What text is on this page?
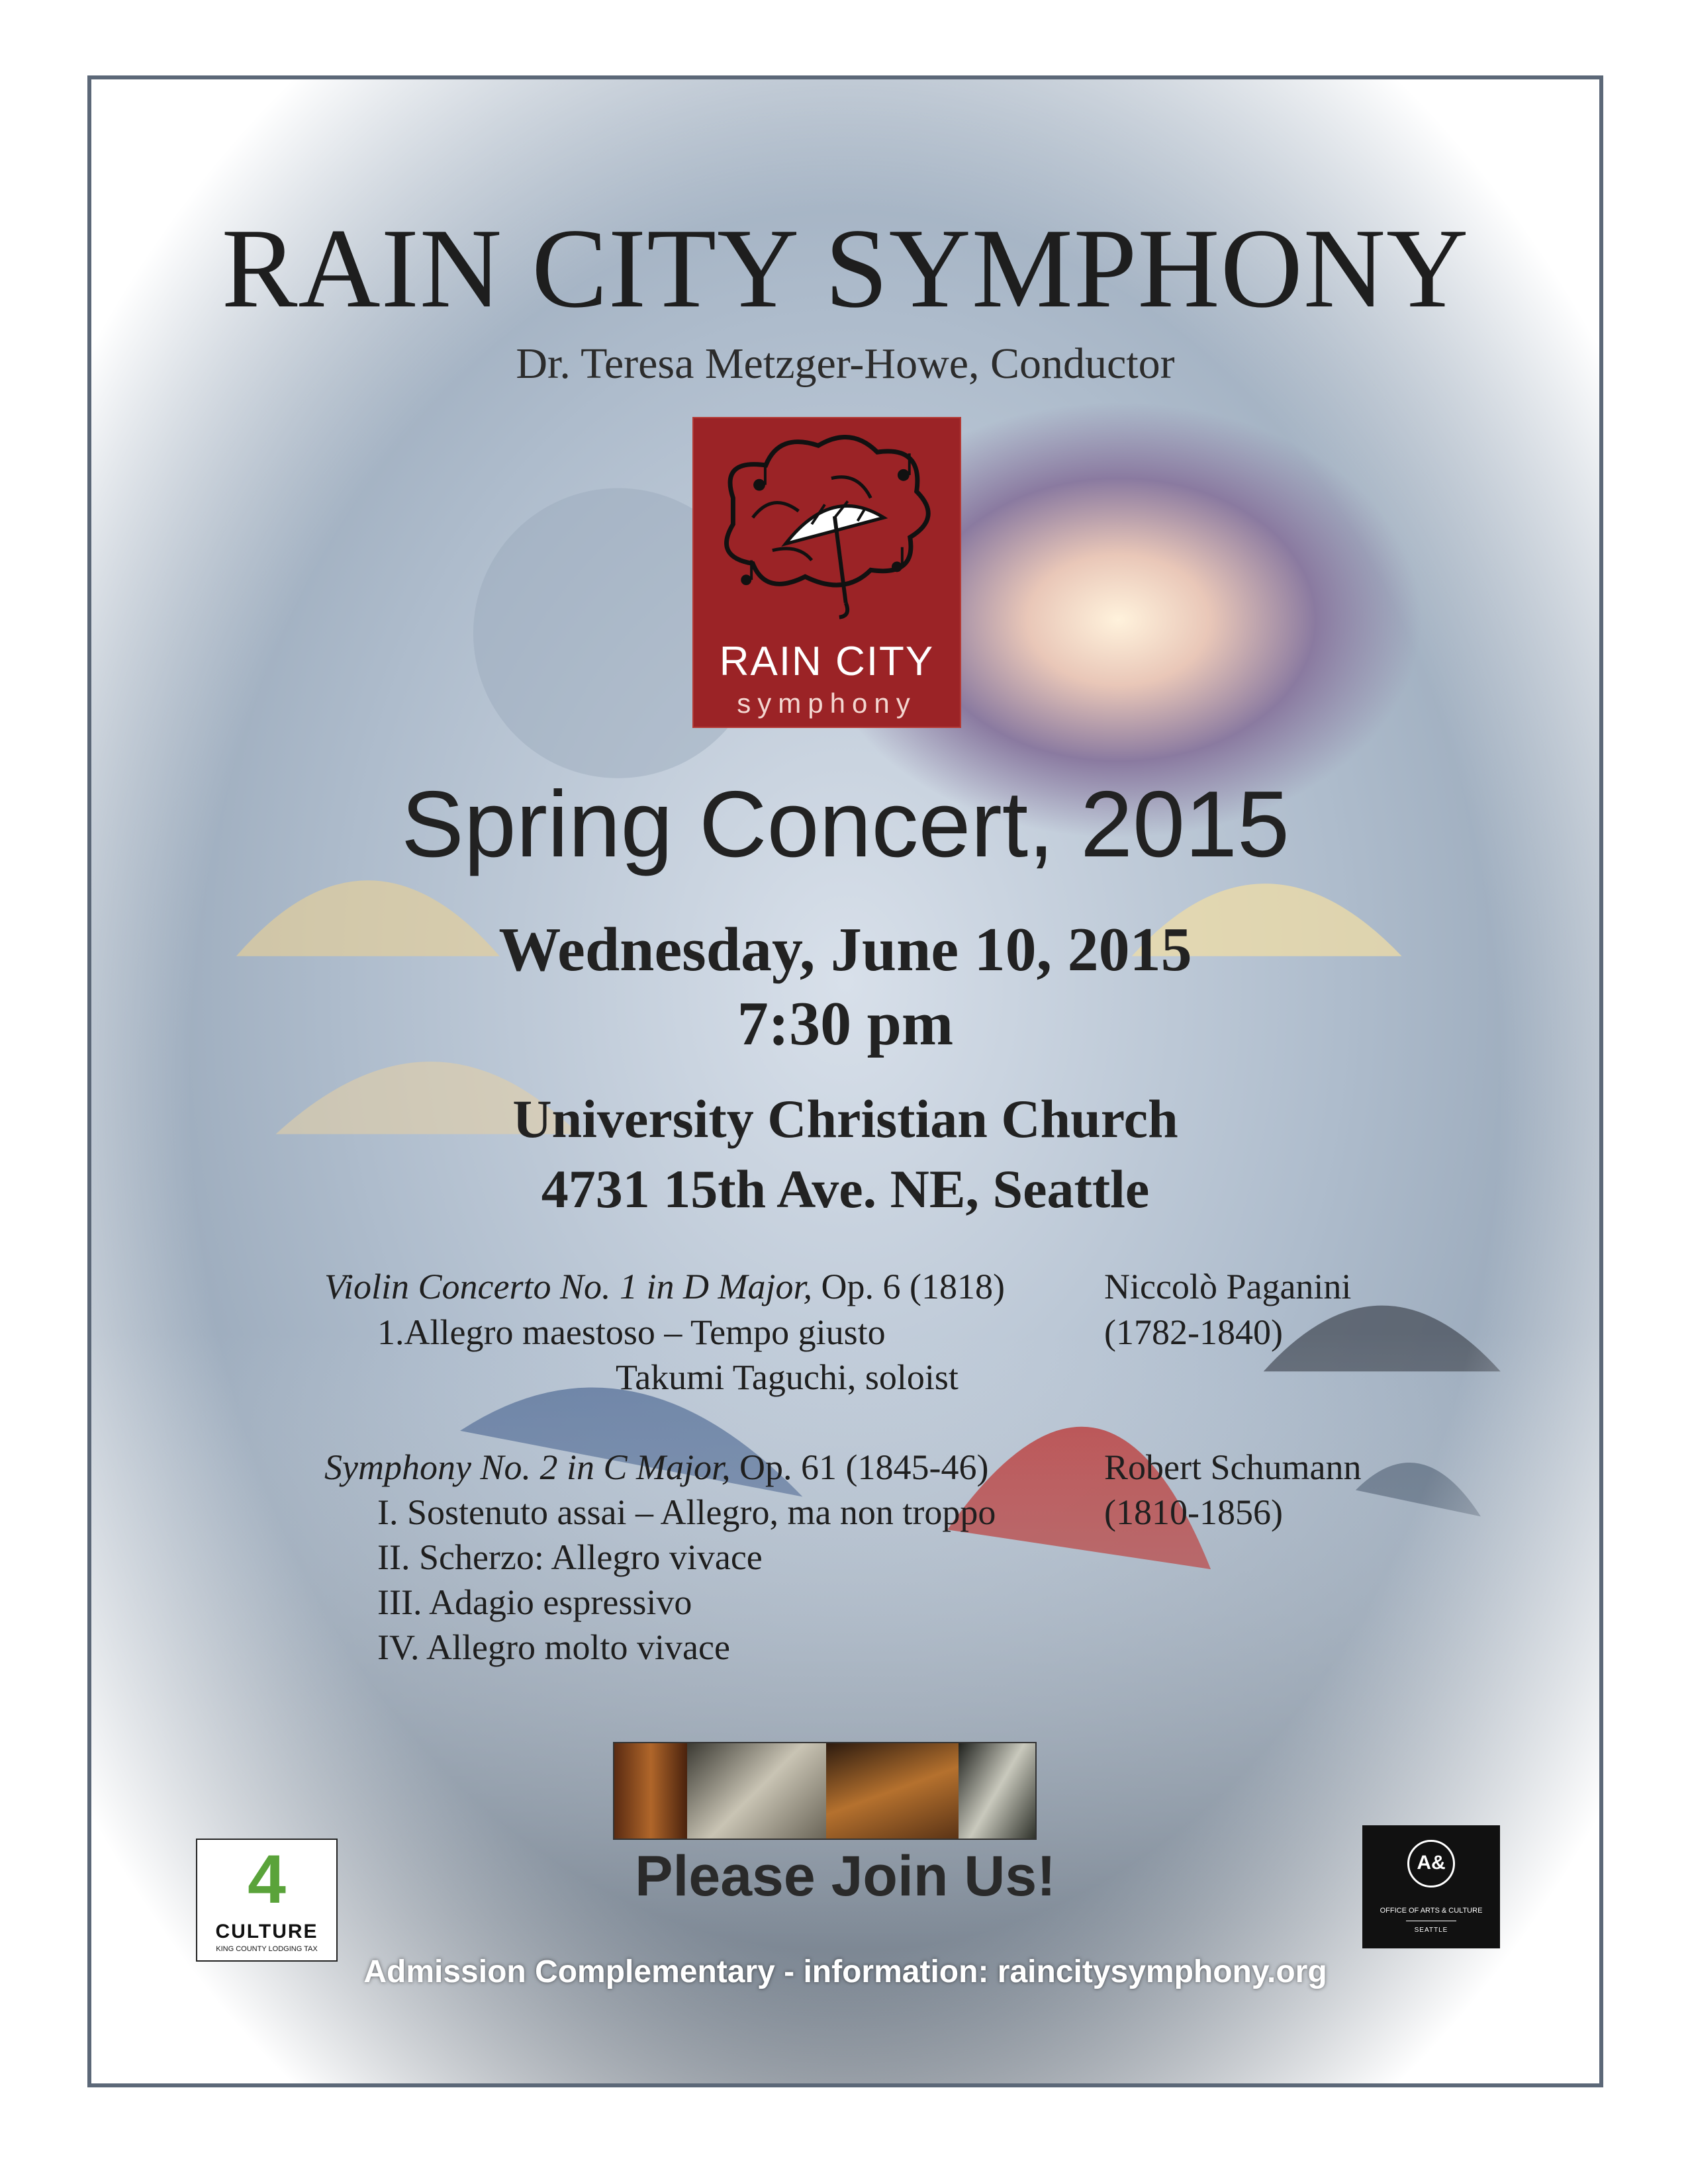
RAIN CITY SYMPHONY
Dr. Teresa Metzger-Howe, Conductor
RAIN CITY
symphony
Spring Concert, 2015
Wednesday, June 10, 2015
7:30 pm
University Christian Church
4731 15th Ave. NE, Seattle
Violin Concerto No. 1 in D Major, Op. 6 (1818)	Niccolò Paganini
1.Allegro maestoso – Tempo giusto	(1782-1840)
Takumi Taguchi, soloist
Symphony No. 2 in C Major, Op. 61 (1845-46)	Robert Schumann
I. Sostenuto assai – Allegro, ma non troppo	(1810-1856)
II. Scherzo: Allegro vivace
III. Adagio espressivo
IV. Allegro molto vivace
Please Join Us!
Admission Complementary - information: raincitysymphony.org
4
CULTURE
KING COUNTY LODGING TAX
A&
OFFICE OF ARTS & CULTURE
SEATTLE
